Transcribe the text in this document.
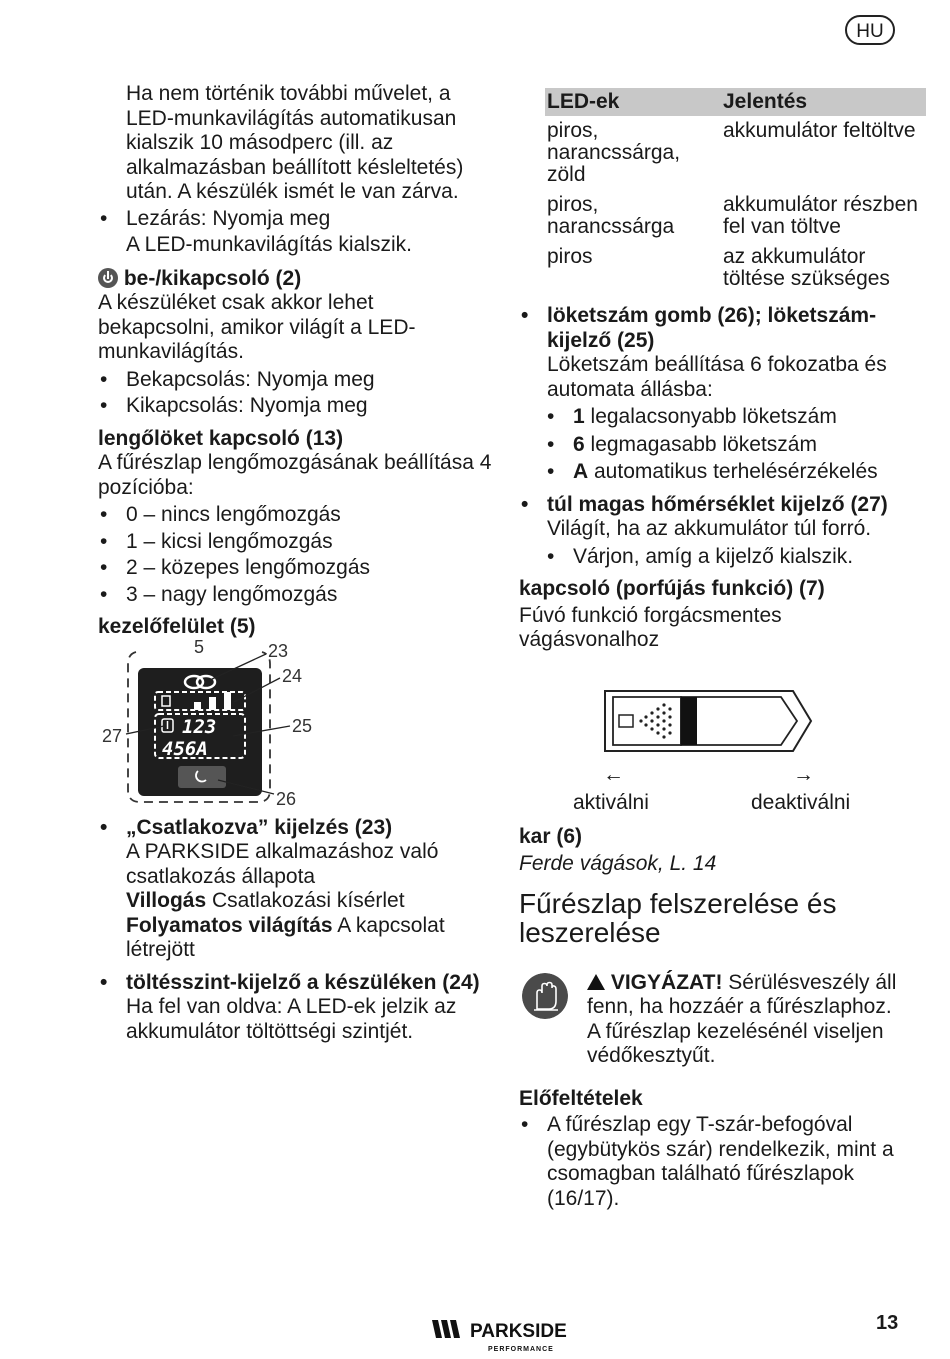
HU

Ha nem történik további művelet, a LED-munkavilágítás automatikusan kialszik 10 másodperc (ill. az alkalmazásban beállított késleltetés) után. A készülék ismét le van zárva.

• Lezárás: Nyomja meg

A LED-munkavilágítás kialszik.

be-/kikapcsoló (2)

A készüléket csak akkor lehet bekapcsolni, amikor világít a LED-munkavilágítás.

• Bekapcsolás: Nyomja meg

• Kikapcsolás: Nyomja meg

lengőlöket kapcsoló (13)

A fűrészlap lengőmozgásának beállítása 4 pozícióba:

• 0 – nincs lengőmozgás

• 1 – kicsi lengőmozgás

• 2 – közepes lengőmozgás

• 3 – nagy lengőmozgás

kezelőfelület (5)

123
456A
5	23
24
25
26
27

• „Csatlakozva” kijelzés (23)

A PARKSIDE alkalmazáshoz való csatlakozás állapota

Villogás Csatlakozási kísérlet

Folyamatos világítás A kapcsolat létrejött

• töltésszint-kijelző a készüléken (24)

Ha fel van oldva: A LED-ek jelzik az akkumulátor töltöttségi szintjét.

LED-ek	Jelentés
piros, narancssárga, zöld	akkumulátor feltöltve
piros, narancssárga	akkumulátor részben fel van töltve
piros	az akkumulátor töltése szükséges

• löketszám gomb (26); löketszám-kijelző (25)

Löketszám beállítása 6 fokozatba és automata állásba:

• 1 legalacsonyabb löketszám

• 6 legmagasabb löketszám

• A automatikus terhelésérzékelés

• túl magas hőmérséklet kijelző (27)

Világít, ha az akkumulátor túl forró.

• Várjon, amíg a kijelző kialszik.

kapcsoló (porfújás funkció) (7)

Fúvó funkció forgácsmentes vágásvonalhoz

←	→
aktiválni	deaktiválni

kar (6)

Ferde vágások, L. 14

Fűrészlap felszerelése és leszerelése

VIGYÁZAT! Sérülésveszély áll fenn, ha hozzáér a fűrészlaphoz. A fűrészlap kezelésénél viseljen védőkesztyűt.

Előfeltételek

• A fűrészlap egy T-szár-befogóval (egybütykös szár) rendelkezik, mint a csomagban található fűrészlapok (16/17).

PARKSIDE
PERFORMANCE
13
